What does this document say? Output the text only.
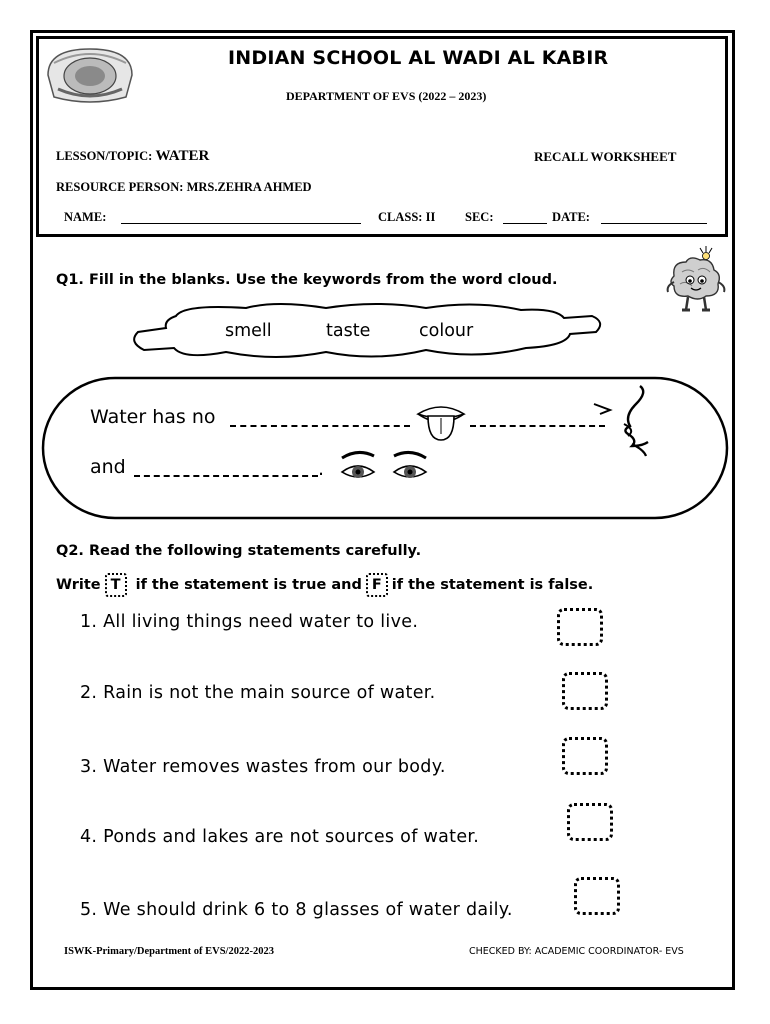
INDIAN SCHOOL AL WADI AL KABIR
DEPARTMENT OF EVS (2022 – 2023)
LESSON/TOPIC: WATER	RECALL WORKSHEET
RESOURCE PERSON: MRS.ZEHRA AHMED
NAME:	CLASS: II SEC:	DATE:
Q1. Fill in the blanks. Use the keywords from the word cloud.
smell	taste	colour
Water has no
and	.
Q2. Read the following statements carefully.
Write T if the statement is true and F if the statement is false.
1. All living things need water to live.
2. Rain is not the main source of water.
3. Water removes wastes from our body.
4. Ponds and lakes are not sources of water.
5. We should drink 6 to 8 glasses of water daily.
ISWK-Primary/Department of EVS/2022-2023	CHECKED BY: ACADEMIC COORDINATOR- EVS
